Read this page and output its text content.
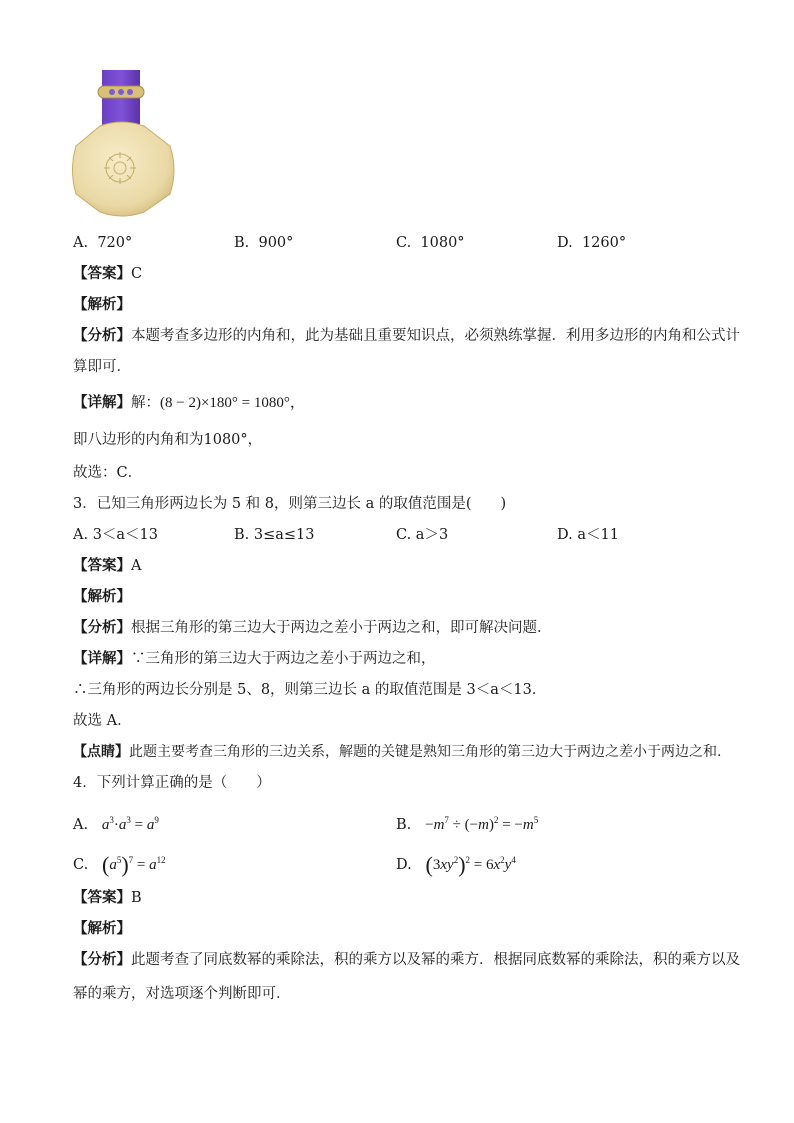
A. 720°	B. 900°	C. 1080°	D. 1260°
【答案】C
【解析】
【分析】本题考查多边形的内角和，此为基础且重要知识点，必须熟练掌握．利用多边形的内角和公式计
算即可．
【详解】解：(8 − 2)×180° = 1080°，
即八边形的内角和为1080°，
故选：C．
3．已知三角形两边长为 5 和 8，则第三边长 a 的取值范围是(　　)
A. 3＜a＜13	B. 3≤a≤13	C. a＞3	D. a＜11
【答案】A
【解析】
【分析】根据三角形的第三边大于两边之差小于两边之和，即可解决问题．
【详解】∵三角形的第三边大于两边之差小于两边之和，
∴三角形的两边长分别是 5、8，则第三边长 a 的取值范围是 3＜a＜13．
故选 A．
【点睛】此题主要考查三角形的三边关系，解题的关键是熟知三角形的第三边大于两边之差小于两边之和.
4．下列计算正确的是（　　）
A. $a^3\cdot a^3 = a^9$	B. $-m^7 \div (-m)^2 = -m^5$
C. $(a^5)^7 = a^{12}$	D. $(3xy^2)^2 = 6x^2y^4$
【答案】B
【解析】
【分析】此题考查了同底数幂的乘除法，积的乘方以及幂的乘方．根据同底数幂的乘除法，积的乘方以及
幂的乘方，对选项逐个判断即可．
